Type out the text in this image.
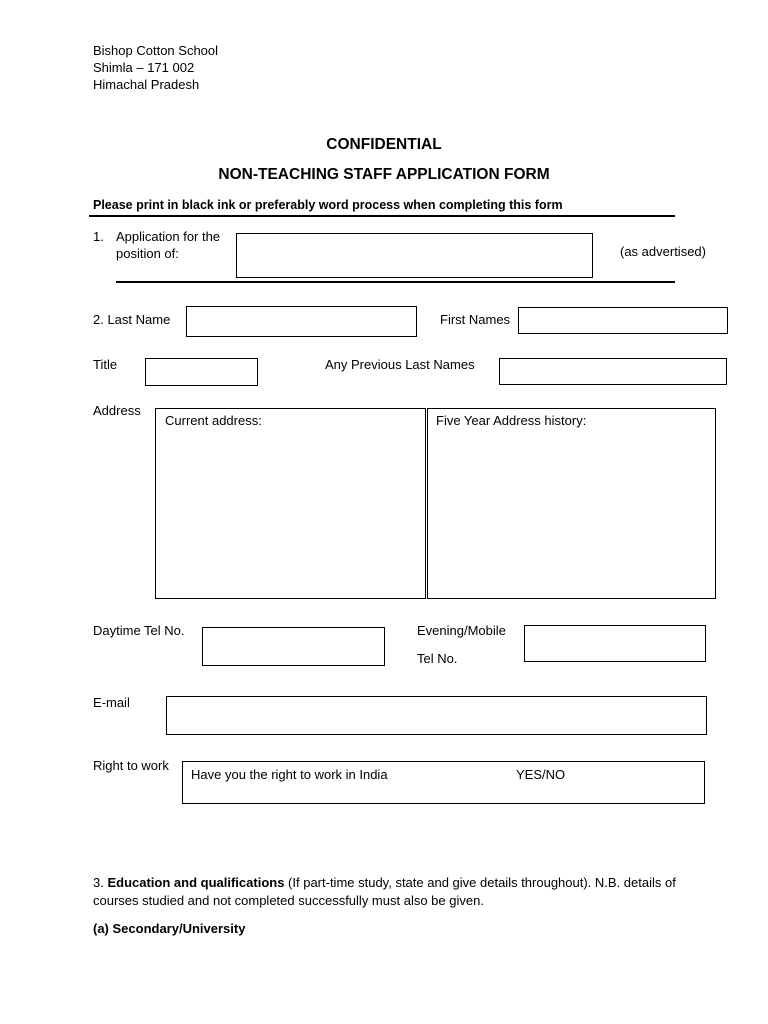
Bishop Cotton School
Shimla – 171 002
Himachal Pradesh
CONFIDENTIAL
NON-TEACHING STAFF APPLICATION FORM
Please print in black ink or preferably word process when completing this form
1. Application for the
position of:	(as advertised)
2. Last Name	First Names
Title	Any Previous Last Names
Address
Current address:	Five Year Address history:
Daytime Tel No.	Evening/Mobile
Tel No.
E-mail
Right to work
Have you the right to work in India	YES/NO
3. Education and qualifications (If part-time study, state and give details throughout). N.B. details of
courses studied and not completed successfully must also be given.
(a) Secondary/University
